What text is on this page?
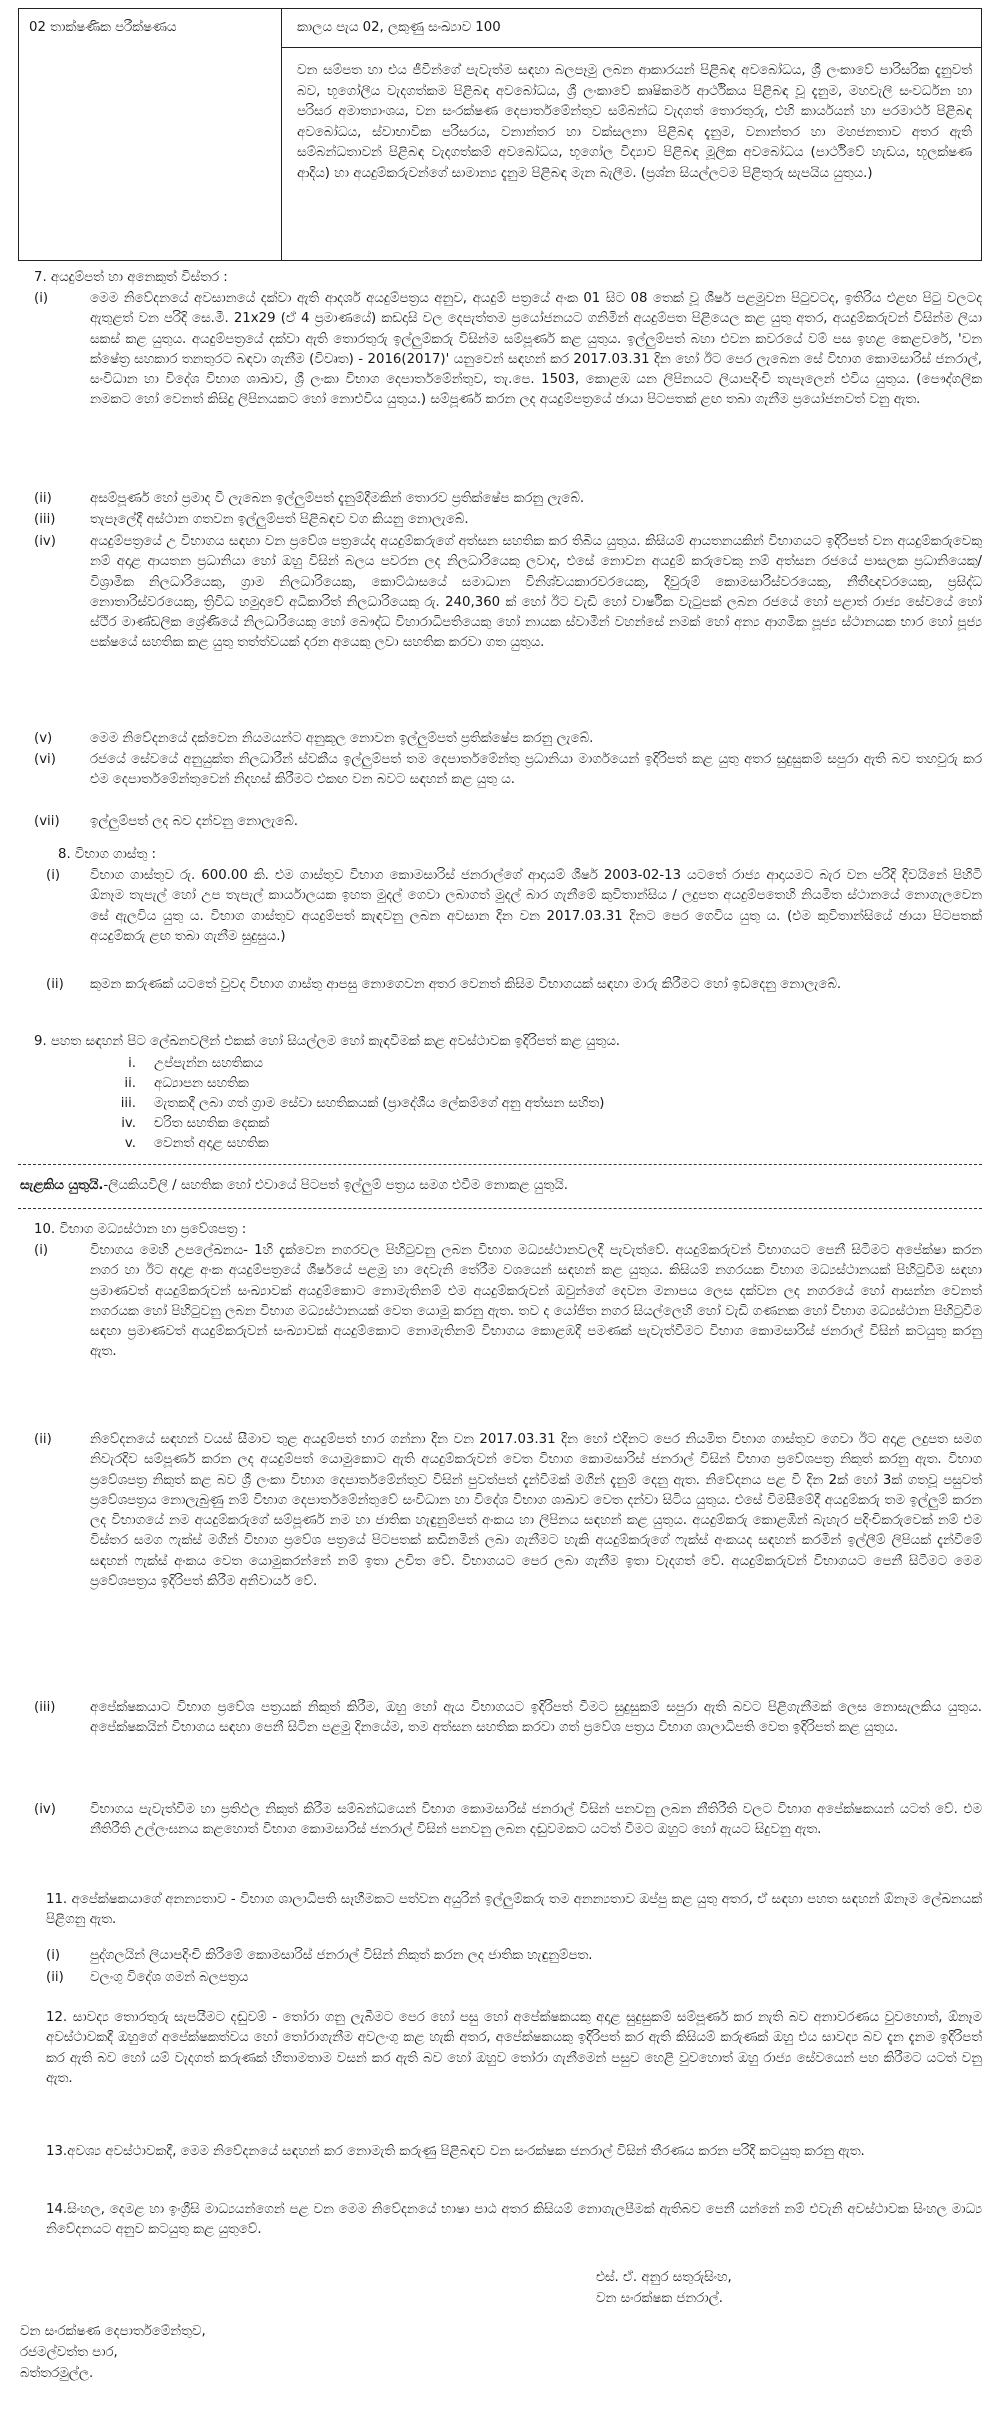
02 තාක්ෂණික පරීක්ෂණය	කාලය පැය 02, ලකුණු සංඛ්‍යාව 100
වන සම්පත හා එය ජීවීන්ගේ පැවැත්ම සඳහා බලපෑමු ලබන ආකාරයන් පිළිබඳ අවබෝධය, ශ්‍රී ලංකාවේ පාරිසරික දැනුවත් බව, භූගෝලීය වැදගත්කම පිළිබඳ අවබෝධය, ශ්‍රී ලංකාවේ කෘෂිකර්ම ආර්ථිකය පිළිබඳ වූ දැනුම, මහවැලි සංවර්ධන හා පරිසර අමාත්‍යාංශය, වන සංරක්ෂණ දෙපාර්තමේන්තුව සම්බන්ධ වැදගත් තොරතුරු, එහි කාර්යයන් හා පරමාර්ථ පිළිබඳ අවබෝධය, ස්වාභාවික පරිසරය, වනාන්තර හා වක්සලනා පිළිබඳ දැනුම, වනාන්තර හා මහජනතාව අතර ඇති සම්බන්ධතාවන් පිළිබඳ වැදගත්කම් අවබෝධය, භූගෝල විද්‍යාව පිළිබඳ මූලික අවබෝධය (පාර්ථිවේ හැඩය, භූලක්ෂණ ආදිය) හා අයදුම්කරුවන්ගේ සාමාන්‍ය දැනුම පිළිබඳ මැන බැලීම. (ප්‍රශ්න සියල්ලටම පිළිතුරු සැපයිය යුතුය.)
7. අයදුම්පත් හා අනෙකුත් විස්තර :
(i)	මෙම නිවේදනයේ අවසානයේ දක්වා ඇති ආදර්ශ අයදුම්පත්‍රය අනුව, අයදුම් පත්‍රයේ අංක 01 සිට 08 තෙක් වූ ශීර්ෂ පළමුවන පිටුවටද, ඉතිරිය එළඟ පිටු වලටද ඇතුළත් වන පරිදි සෙ.මී. 21x29 (ඒ 4 ප්‍රමාණයේ) කඩදාසි වල දෙපැත්තම ප්‍රයෝජනයට ගනිමින් අයදුම්පත පිළියෙල කළ යුතු අතර, අයදුම්කරුවන් විසින්ම ලියා සකස් කළ යුතුය. අයදුම්පත්‍රයේ දක්වා ඇති තොරතුරු ඉල්ලුම්කරු විසින්ම සම්පූර්ණ කළ යුතුය. ඉල්ලුම්පත් බහා එවන කවරයේ වම් පස ඉහළ කෙළවරේ, 'වන ක්ෂේත්‍ර සහකාර තනතුරට බඳවා ගැනීම (විවෘත) - 2016(2017)' යනුවෙන් සඳහන් කර 2017.03.31 දින හෝ ඊට පෙර ලැබෙන සේ විභාග කොමසාරිස් ජනරාල්, සංවිධාන හා විදේශ විභාග ශාඛාව, ශ්‍රී ලංකා විභාග දෙපාර්තමේන්තුව, තැ.පෙ. 1503, කොළඹ යන ලිපිනයට ලියාපදිංචි තැපෑලෙන් එවිය යුතුය. (පෞද්ගලික නමකට හෝ වෙනත් කිසිදු ලිපිනයකට හෝ නොඑවිය යුතුය.) සම්පූර්ණ කරන ලද අයදුම්පත්‍රයේ ඡායා පිටපතක් ළඟ තබා ගැනීම ප්‍රයෝජනවත් වනු ඇත.
(ii)	අසම්පූර්ණ හෝ ප්‍රමාද වී ලැබෙන ඉල්ලුම්පත් දැනුම්දීමකින් තොරව ප්‍රතික්ෂේප කරනු ලැබේ.
(iii)	තැපෑලේදී අස්ථාන ගතවන ඉල්ලුම්පත් පිළිබඳව වග කියනු නොලැබේ.
(iv)	අයදුම්පත්‍රයේ උ විභාගය සඳහා වන ප්‍රවේශ පත්‍රයේද අයදුම්කරුගේ අත්සන සහතික කර තිබිය යුතුය. කිසියම් ආයතනයකින් විභාගයට ඉදිරිපත් වන අයදුම්කරුවෙකු නම් අදාළ ආයතන ප්‍රධානියා හෝ ඔහු විසින් බලය පවරන ලද නිලධාරියෙකු ලවාද, එසේ නොවන අයදුම් කරුවෙකු නම් අත්සන රජයේ පාසලක ප්‍රධානියෙකු/ විශ්‍රාමික නිලධාරියෙකු, ග්‍රාම නිලධාරියෙකු, කොට්ඨාසයේ සමාධාන විනිශ්චයකාරවරයෙකු, දිවුරුම් කොමසාරිස්වරයෙකු, නීතීඥවරයෙකු, ප්‍රසිද්ධ නොතාරිස්වරයෙකු, ත්‍රිවිධ හමුදාවේ අධිකාරිත් නිලධාරියෙකු රු. 240,360 ක් හෝ ඊට වැඩි හෝ වාර්ෂික වැටුපක් ලබන රජයේ හෝ පළාත් රාජ්‍ය සේවයේ හෝ ස්ථිර මාණ්ඩලික ශ්‍රේණියේ නිලධාරියෙකු හෝ බෞද්ධ විහාරාධිපතියෙකු හෝ නායක ස්වාමීන් වහන්සේ නමක් හෝ අන්‍ය ආගමික පූජ්‍ය ස්ථානයක භාර හෝ පූජ්‍ය පක්ෂයේ සහතික කළ යුතු තත්ත්වයක් දරන අයෙකු ලවා සහතික කරවා ගත යුතුය.
(v)	මෙම නිවේදනයේ දක්වෙන නියමයන්ට අනුකූල නොවන ඉල්ලුම්පත් ප්‍රතික්ෂේප කරනු ලැබේ.
(vi)	රජයේ සේවයේ අනුයුක්ත නිලධාරීන් ස්වකීය ඉල්ලුම්පත් තම දෙපාර්තමේන්තු ප්‍රධානියා මාර්ගයෙන් ඉදිරිපත් කළ යුතු අතර සුදුසුකම් සපුරා ඇති බව තහවුරු කර එම දෙපාර්තමේන්තුවෙන් නිදහස් කිරීමට එකඟ වන බවට සඳහන් කළ යුතු ය.
(vii) ඉල්ලුම්පත් ලද බව දන්වනු නොලැබේ.
8. විභාග ගාස්තු :
(i) විභාග ගාස්තුව රු. 600.00 කි. එම ගාස්තුව විභාග කොමසාරිස් ජනරාල්ගේ ආදායම් ශීර්ෂ 2003-02-13 යටතේ රාජ්‍ය ආදායමට බැර වන පරිදි දිවයිනේ පිහිටි ඕනෑම තැපැල් හෝ උප තැපැල් කාර්යාලයක ඉහත මුදල් ගෙවා ලබාගත් මුදල් බාර ගැනීමේ කුවිතාන්සිය / ලදුපත අයදුම්පතෙහි නියමිත ස්ථානයේ නොගැලවෙන සේ ඇලවිය යුතු ය. විභාග ගාස්තුව අයදුම්පත් කැඳවනු ලබන අවසාන දින වන 2017.03.31 දිනට පෙර ගෙවිය යුතු ය. (එම කුවිතාන්සියේ ඡායා පිටපතක් අයදුම්කරු ළඟ තබා ගැනීම සුදුසුය.)
(ii) කුමන කරුණක් යටතේ වුවද විභාග ගාස්තු ආපසු නොගෙවන අතර වෙනත් කිසිම විභාගයක් සඳහා මාරු කිරීමට හෝ ඉඩදෙනු නොලැබේ.
9. පහත සඳහන් පිට ලේඛනවලින් එකක් හෝ සියල්ලම හෝ කැඳවීමක් කළ අවස්ථාවක ඉදිරිපත් කළ යුතුය.
i. උප්පැන්න සහතිකය
ii. අධ්‍යාපන සහතික
iii. මැතකදී ලබා ගත් ග්‍රාම සේවා සහතිකයක් (ප්‍රාදේශීය ලේකම්ගේ අනු අත්සන සහිත)
iv. චරිත සහතික දෙකක්
v. වෙනත් අදාළ සහතික
සැළකිය යුතුයි.-ලියකියවිලි / සහතික හෝ එවායේ පිටපත් ඉල්ලුම් පත්‍රය සමග එවීම නොකළ යුතුයි.
10. විභාග මධ්‍යස්ථාන හා ප්‍රවේශපත්‍ර :
(i)	විභාගය මෙහි උපලේඛනය- 1හි දැක්වෙන නගරවල පිහිටුවනු ලබන විභාග මධ්‍යස්ථානවලදී පැවැත්වේ. අයදුම්කරුවන් විභාගයට පෙනී සිටීමට අපේක්ෂා කරන නගර හා ඊට අදාළ අංක අයදුම්පත්‍රයේ ශීර්ෂයේ පළමු හා දෙවැනි තේරීම වශයෙන් සඳහන් කළ යුතුය. කිසියම් නගරයක විභාග මධ්‍යස්ථානයක් පිහිටුවීම සඳහා ප්‍රමාණවත් අයදුම්කරුවන් සංඛ්‍යාවක් අයදුම්කොට නොමැතිනම් එම අයදුම්කරුවන් ඔවුන්ගේ දෙවන මනාපය ලෙස දක්වන ලද නගරයේ හෝ ආසන්න වෙනත් නගරයක හෝ පිහිටුවනු ලබන විභාග මධ්‍යස්ථානයක් වෙත යොමු කරනු ඇත. තව ද යෝජිත නගර සියල්ලෙහි හෝ වැඩි ගණනක හෝ විභාග මධ්‍යස්ථාන පිහිටුවීම සඳහා ප්‍රමාණවත් අයදුම්කරුවන් සංඛ්‍යාවක් අයදුම්කොට නොමැතිනම් විභාගය කොළඹදී පමණක් පැවැත්වීමට විභාග කොමසාරිස් ජනරාල් විසින් කටයුතු කරනු ඇත.
(ii)	නිවේදනයේ සඳහන් වයස් සීමාව තුළ අයදුම්පත් භාර ගන්නා දින වන 2017.03.31 දින හෝ එදිනට පෙර නියමිත විභාග ගාස්තුව ගෙවා ඊට අදාළ ලදුපත සමග නිවැරදිව සම්පූර්ණ කරන ලද අයදුම්පත් යොමුකොට ඇති අයදුම්කරුවන් වෙත විභාග කොමසාරිස් ජනරාල් විසින් විභාග ප්‍රවේශපත්‍ර නිකුත් කරනු ඇත. විභාග ප්‍රවේශපත්‍ර නිකුත් කළ බව ශ්‍රී ලංකා විභාග දෙපාර්තමේන්තුව විසින් පුවත්පත් දැන්වීමක් මගින් දැනුම් දෙනු ඇත. නිවේදනය පළ වී දින 2ක් හෝ 3ක් ගතවූ පසුවත් ප්‍රවේශපත්‍රය නොලැබුණු නම් විභාග දෙපාර්තමේන්තුවේ සංවිධාන හා විදේශ විභාග ශාඛාව වෙත දන්වා සිටිය යුතුය. එසේ විමසීමේදී අයදුම්කරු තම ඉල්ලුම් කරන ලද විභාගයේ නම අයදුම්කරුගේ සම්පූර්ණ නම හා ජාතික හැඳුනුම්පත් අංකය හා ලිපිනය සඳහන් කළ යුතුය. අයදුම්කරු කොළඹින් බැහැර පදිංචිකරුවෙක් නම් එම විස්තර සමග ෆැක්ස් මගින් විභාග ප්‍රවේශ පත්‍රයේ පිටපතක් කඩිනමින් ලබා ගැනීමට හැකි අයදුම්කරුගේ ෆැක්ස් අංකයද සඳහන් කරමින් ඉල්ලීම් ලිපියක් දැන්වීමේ සඳහන් ෆැක්ස් අංකය වෙත යොමුකරන්නේ නම් ඉතා උචිත වේ. විභාගයට පෙර ලබා ගැනීම ඉතා වැදගත් වේ. අයදුම්කරුවන් විභාගයට පෙනී සිටීමට මෙම ප්‍රවේශපත්‍රය ඉදිරිපත් කිරීම අනිවාර්ය වේ.
(iii)	අපේක්ෂකයාට විභාග ප්‍රවේශ පත්‍රයක් නිකුත් කිරීම, ඔහු හෝ ඇය විභාගයට ඉදිරිපත් වීමට සුදුසුකම් සපුරා ඇති බවට පිළිගැනීමක් ලෙස නොසැලකිය යුතුය. අපේක්ෂකයින් විභාගය සඳහා පෙනී සිටින පළමු දිනයේම, තම අත්සන සහතික කරවා ගත් ප්‍රවේශ පත්‍රය විභාග ශාලාධිපති වෙත ඉදිරිපත් කළ යුතුය.
(iv)	විභාගය පැවැත්වීම හා ප්‍රතිඵල නිකුත් කිරීම සම්බන්ධයෙන් විභාග කොමසාරිස් ජනරාල් විසින් පනවනු ලබන නීතිරීති වලට විභාග අපේක්ෂකයන් යටත් වේ. එම නීතිරීති උල්ලංඝනය කළහොත් විභාග කොමසාරිස් ජනරාල් විසින් පනවනු ලබන දඬුවමකට යටත් වීමට ඔහුට හෝ ඇයට සිදුවනු ඇත.
11. අපේක්ෂකයාගේ අනන්‍යතාව - විභාග ශාලාධිපති සෑහීමකට පත්වන අයුරින් ඉල්ලුම්කරු තම අනන්‍යතාව ඔප්පු කළ යුතු අතර, ඒ සඳහා පහත සඳහන් ඕනෑම ලේඛනයක් පිළිගනු ඇත.
(i) පුද්ගලයින් ලියාපදිංචි කිරීමේ කොමසාරිස් ජනරාල් විසින් නිකුත් කරන ලද ජාතික හැඳුනුම්පත.
(ii) වලංගු විදේශ ගමන් බලපත්‍රය
12. සාවද්‍ය තොරතුරු සැපයීමට දඬුවම් - තෝරා ගනු ලැබීමට පෙර හෝ පසු හෝ අපේක්ෂකයකු අදාළ සුදුසුකම් සම්පූර්ණ කර නැති බව අනාවරණය වුවහොත්, ඕනෑම අවස්ථාවකදී ඔහුගේ අපේක්ෂකත්වය හෝ තෝරාගැනීම අවලංගු කළ හැකි අතර, අපේක්ෂකයකු ඉදිරිපත් කර ඇති කිසියම් කරුණක් ඔහු එය සාවද්‍ය බව දැන දැනම ඉදිරිපත් කර ඇති බව හෝ යම් වැදගත් කරුණක් හිතාමතාම වසන් කර ඇති බව හෝ ඔහුව තෝරා ගැනීමෙන් පසුව හෙළි වුවහොත් ඔහු රාජ්‍ය සේවයෙන් පහ කිරීමට යටත් වනු ඇත.
13.අවශ්‍ය අවස්ථාවකදී, මෙම නිවේදනයේ සඳහන් කර නොමැති කරුණු පිළිබඳව වන සංරක්ෂක ජනරාල් විසින් තීරණය කරන පරිදි කටයුතු කරනු ඇත.
14.සිංහල, දෙමළ හා ඉංග්‍රීසි මාධ්‍යයන්ගෙන් පළ වන මෙම නිවේදනයේ භාෂා පාඨ අතර කිසියම් නොගැලපීමක් ඇතිබව පෙනී යන්නේ නම් එවැනි අවස්ථාවක සිංහල මාධ්‍ය නිවේදනයට අනුව කටයුතු කළ යුතුවේ.
එස්. ඒ. අනුර සතුරුසිංහ,
වන සංරක්ෂක ජනරාල්.
වන සංරක්ෂණ දෙපාර්තමේන්තුව,
රජමල්වත්ත පාර,
බත්තරමුල්ල.
